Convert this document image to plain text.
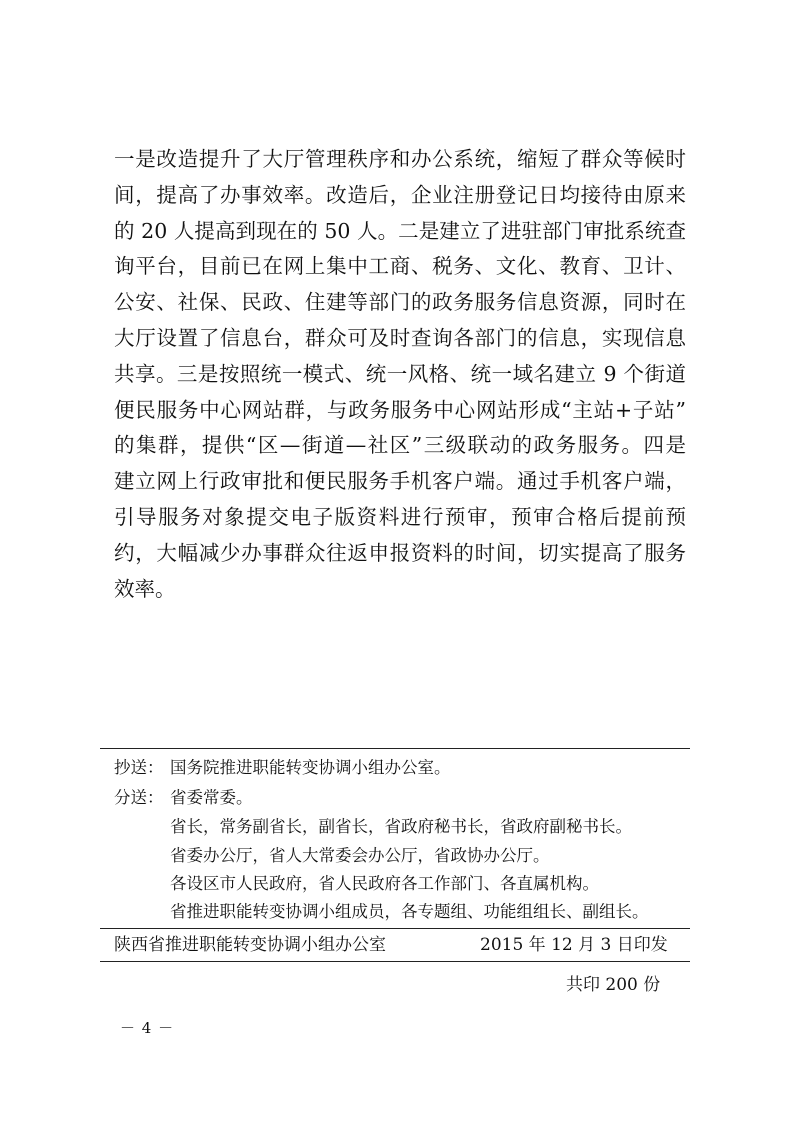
一是改造提升了大厅管理秩序和办公系统，缩短了群众等候时
间，提高了办事效率。改造后，企业注册登记日均接待由原来
的 20 人提高到现在的 50 人。二是建立了进驻部门审批系统查
询平台，目前已在网上集中工商、税务、文化、教育、卫计、
公安、社保、民政、住建等部门的政务服务信息资源，同时在
大厅设置了信息台，群众可及时查询各部门的信息，实现信息
共享。三是按照统一模式、统一风格、统一域名建立 9 个街道
便民服务中心网站群，与政务服务中心网站形成“主站+子站”
的集群，提供“区—街道—社区”三级联动的政务服务。四是
建立网上行政审批和便民服务手机客户端。通过手机客户端，
引导服务对象提交电子版资料进行预审，预审合格后提前预
约，大幅减少办事群众往返申报资料的时间，切实提高了服务
效率。
抄送： 国务院推进职能转变协调小组办公室。
分送： 省委常委。
省长，常务副省长，副省长，省政府秘书长，省政府副秘书长。
省委办公厅，省人大常委会办公厅，省政协办公厅。
各设区市人民政府，省人民政府各工作部门、各直属机构。
省推进职能转变协调小组成员，各专题组、功能组组长、副组长。
陕西省推进职能转变协调小组办公室	2015 年 12 月 3 日印发
共印 200 份
－ 4 －
